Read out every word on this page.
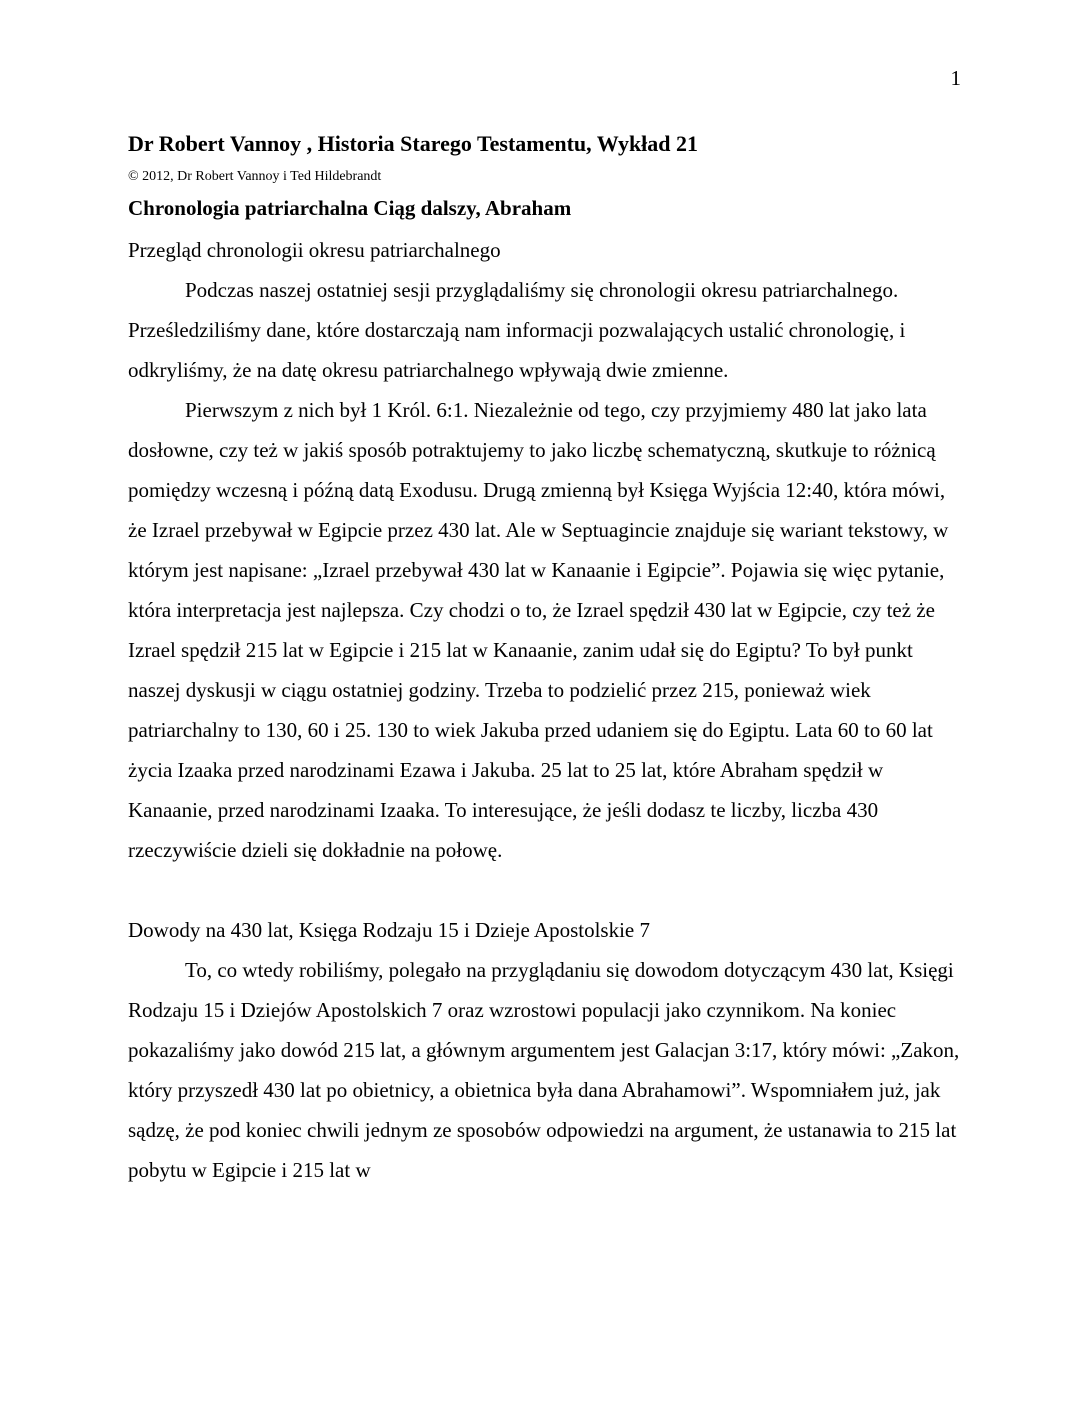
1
Dr Robert Vannoy , Historia Starego Testamentu, Wykład 21
© 2012, Dr Robert Vannoy i Ted Hildebrandt
Chronologia patriarchalna Ciąg dalszy, Abraham
Przegląd chronologii okresu patriarchalnego

Podczas naszej ostatniej sesji przyglądaliśmy się chronologii okresu patriarchalnego.

Prześledziliśmy dane, które dostarczają nam informacji pozwalających ustalić chronologię, i odkryliśmy, że na datę okresu patriarchalnego wpływają dwie zmienne.

Pierwszym z nich był 1 Król. 6:1. Niezależnie od tego, czy przyjmiemy 480 lat jako lata dosłowne, czy też w jakiś sposób potraktujemy to jako liczbę schematyczną, skutkuje to różnicą pomiędzy wczesną i późną datą Exodusu. Drugą zmienną był Księga Wyjścia 12:40, która mówi, że Izrael przebywał w Egipcie przez 430 lat. Ale w Septuagincie znajduje się wariant tekstowy, w którym jest napisane: „Izrael przebywał 430 lat w Kanaanie i Egipcie”. Pojawia się więc pytanie, która interpretacja jest najlepsza. Czy chodzi o to, że Izrael spędził 430 lat w Egipcie, czy też że Izrael spędził 215 lat w Egipcie i 215 lat w Kanaanie, zanim udał się do Egiptu? To był punkt naszej dyskusji w ciągu ostatniej godziny. Trzeba to podzielić przez 215, ponieważ wiek patriarchalny to 130, 60 i 25. 130 to wiek Jakuba przed udaniem się do Egiptu. Lata 60 to 60 lat życia Izaaka przed narodzinami Ezawa i Jakuba. 25 lat to 25 lat, które Abraham spędził w Kanaanie, przed narodzinami Izaaka. To interesujące, że jeśli dodasz te liczby, liczba 430 rzeczywiście dzieli się dokładnie na połowę.

Dowody na 430 lat, Księga Rodzaju 15 i Dzieje Apostolskie 7

To, co wtedy robiliśmy, polegało na przyglądaniu się dowodom dotyczącym 430 lat, Księgi Rodzaju 15 i Dziejów Apostolskich 7 oraz wzrostowi populacji jako czynnikom. Na koniec pokazaliśmy jako dowód 215 lat, a głównym argumentem jest Galacjan 3:17, który mówi: „Zakon, który przyszedł 430 lat po obietnicy, a obietnica była dana Abrahamowi”. Wspomniałem już, jak sądzę, że pod koniec chwili jednym ze sposobów odpowiedzi na argument, że ustanawia to 215 lat pobytu w Egipcie i 215 lat w
